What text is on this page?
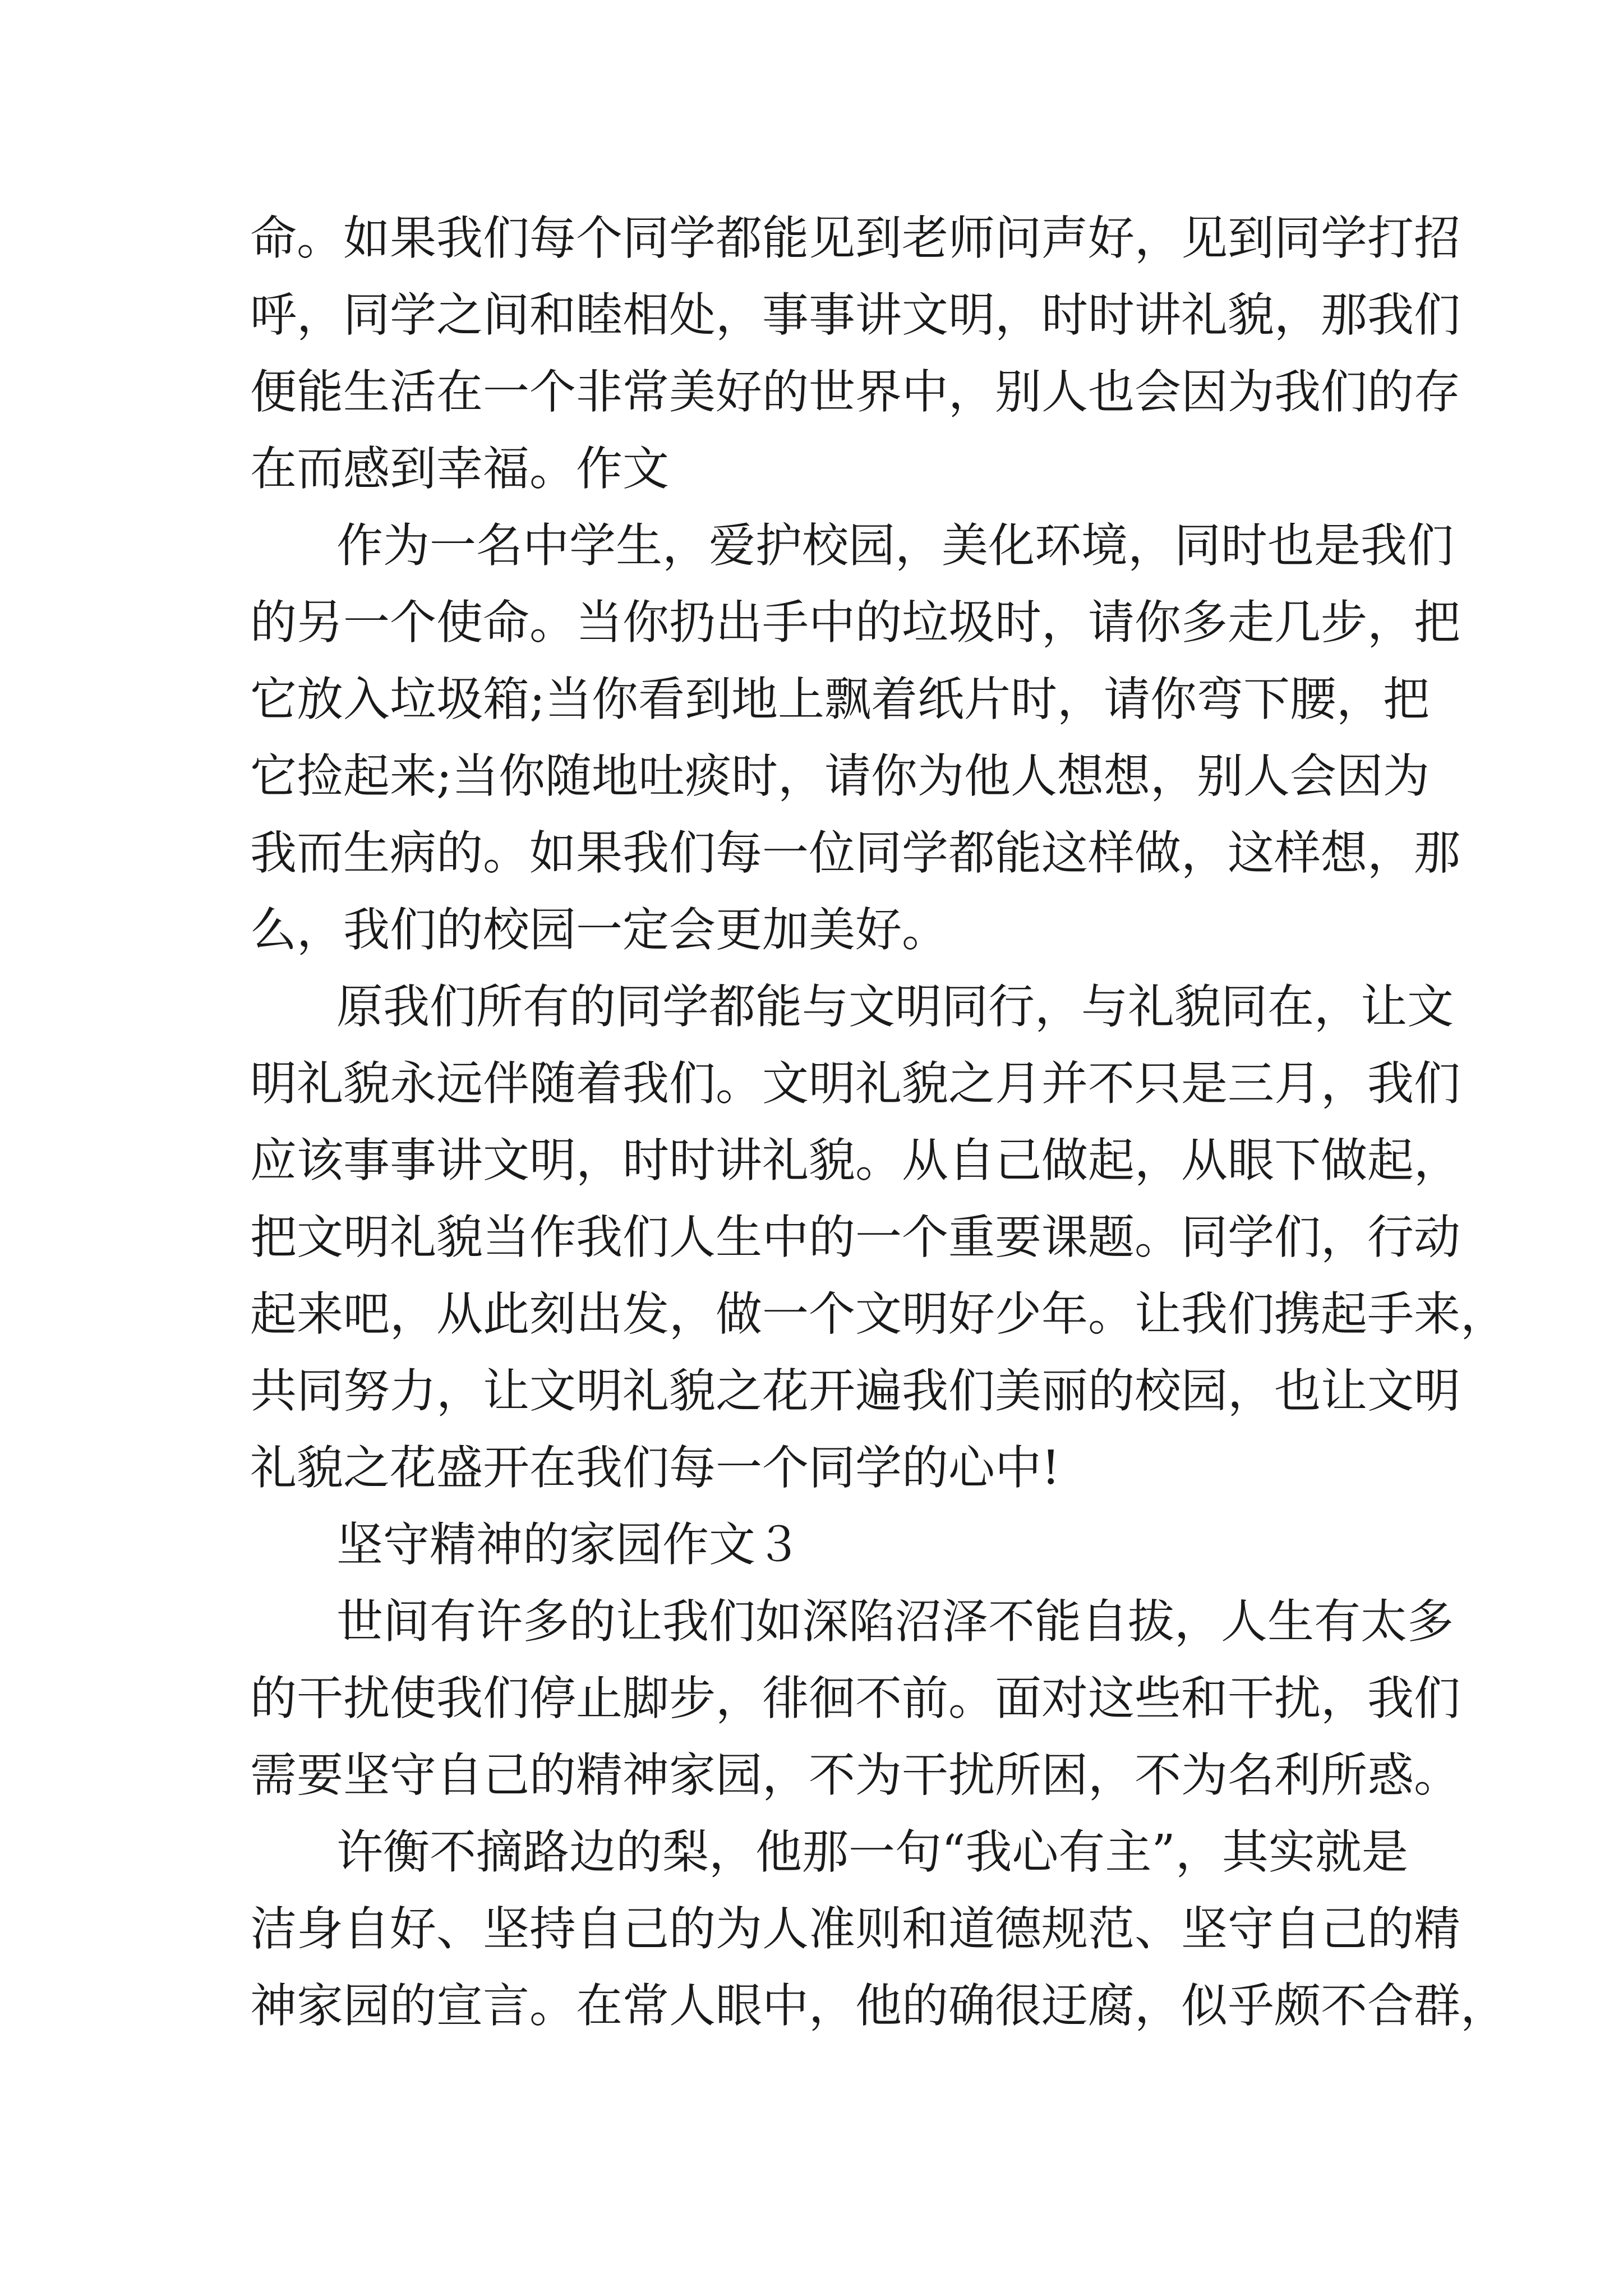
命。如果我们每个同学都能见到老师问声好，见到同学打招
呼，同学之间和睦相处，事事讲文明，时时讲礼貌，那我们
便能生活在一个非常美好的世界中，别人也会因为我们的存
在而感到幸福。作文
作为一名中学生，爱护校园，美化环境，同时也是我们
的另一个使命。当你扔出手中的垃圾时，请你多走几步，把
它放入垃圾箱;当你看到地上飘着纸片时，请你弯下腰，把
它捡起来;当你随地吐痰时，请你为他人想想，别人会因为
我而生病的。如果我们每一位同学都能这样做，这样想，那
么，我们的校园一定会更加美好。
原我们所有的同学都能与文明同行，与礼貌同在，让文
明礼貌永远伴随着我们。文明礼貌之月并不只是三月，我们
应该事事讲文明，时时讲礼貌。从自己做起，从眼下做起，
把文明礼貌当作我们人生中的一个重要课题。同学们，行动
起来吧，从此刻出发，做一个文明好少年。让我们携起手来，
共同努力，让文明礼貌之花开遍我们美丽的校园，也让文明
礼貌之花盛开在我们每一个同学的心中!
坚守精神的家园作文３
世间有许多的让我们如深陷沼泽不能自拔，人生有太多
的干扰使我们停止脚步，徘徊不前。面对这些和干扰，我们
需要坚守自己的精神家园，不为干扰所困，不为名利所惑。
许衡不摘路边的梨，他那一句“我心有主”，其实就是
洁身自好、坚持自己的为人准则和道德规范、坚守自己的精
神家园的宣言。在常人眼中，他的确很迂腐，似乎颇不合群，
